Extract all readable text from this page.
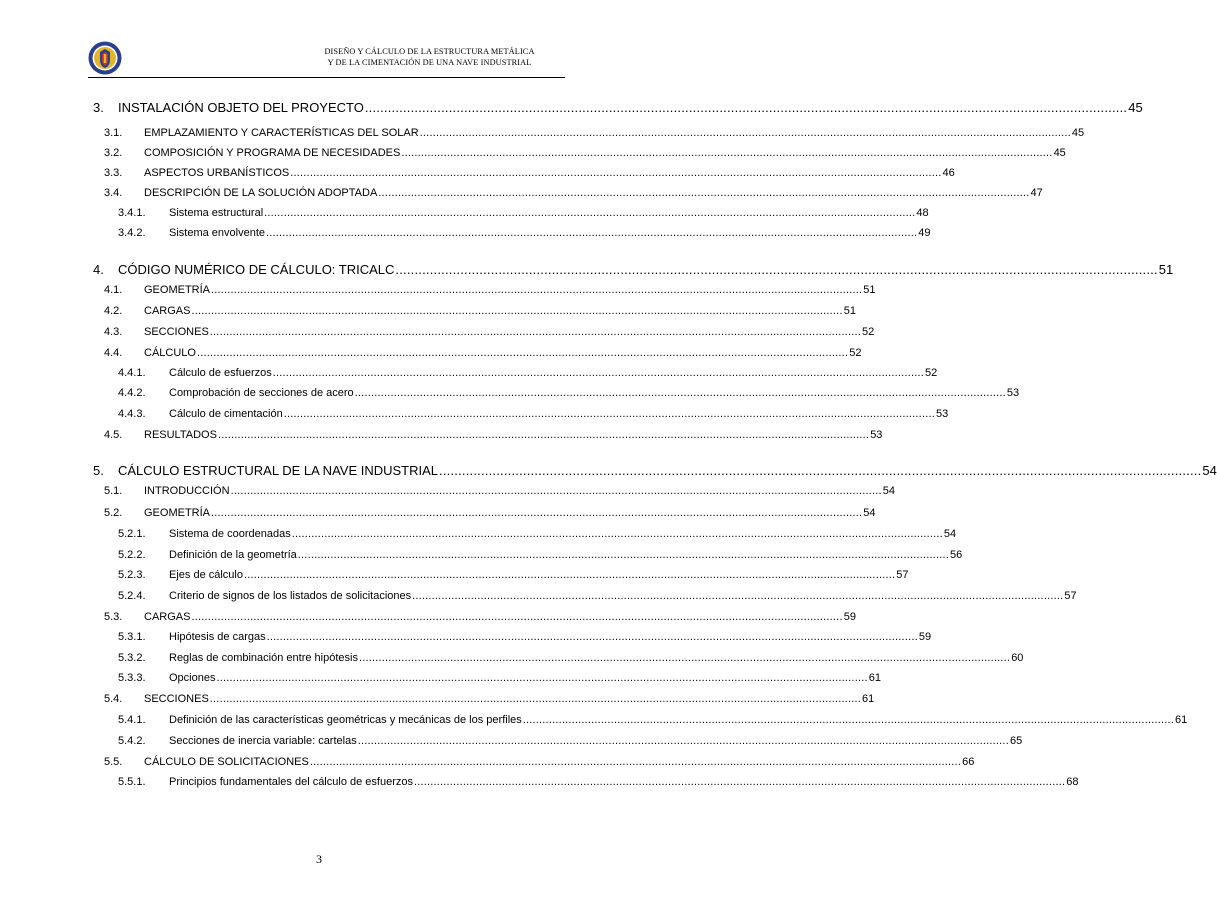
DISEÑO Y CÁLCULO DE LA ESTRUCTURA METÁLICA
Y DE LA CIMENTACIÓN DE UNA NAVE INDUSTRIAL
3.	INSTALACIÓN OBJETO DEL PROYECTO ........................................................................................................................................................................................................ 45
3.1.	EMPLAZAMIENTO Y CARACTERÍSTICAS DEL SOLAR ........................................................................................................................................................................................................ 45
3.2.	COMPOSICIÓN Y PROGRAMA DE NECESIDADES ........................................................................................................................................................................................................ 45
3.3.	ASPECTOS URBANÍSTICOS ........................................................................................................................................................................................................ 46
3.4.	DESCRIPCIÓN DE LA SOLUCIÓN ADOPTADA ........................................................................................................................................................................................................ 47
3.4.1.	Sistema estructural ........................................................................................................................................................................................................ 48
3.4.2.	Sistema envolvente ........................................................................................................................................................................................................ 49
4.	CÓDIGO NUMÉRICO DE CÁLCULO: TRICALC ........................................................................................................................................................................................................ 51
4.1.	GEOMETRÍA ........................................................................................................................................................................................................ 51
4.2.	CARGAS ........................................................................................................................................................................................................ 51
4.3.	SECCIONES ........................................................................................................................................................................................................ 52
4.4.	CÁLCULO ........................................................................................................................................................................................................ 52
4.4.1.	Cálculo de esfuerzos ........................................................................................................................................................................................................ 52
4.4.2.	Comprobación de secciones de acero ........................................................................................................................................................................................................ 53
4.4.3.	Cálculo de cimentación ........................................................................................................................................................................................................ 53
4.5.	RESULTADOS ........................................................................................................................................................................................................ 53
5.	CÁLCULO ESTRUCTURAL DE LA NAVE INDUSTRIAL ........................................................................................................................................................................................................ 54
5.1.	INTRODUCCIÓN ........................................................................................................................................................................................................ 54
5.2.	GEOMETRÍA ........................................................................................................................................................................................................ 54
5.2.1.	Sistema de coordenadas ........................................................................................................................................................................................................ 54
5.2.2.	Definición de la geometría ........................................................................................................................................................................................................ 56
5.2.3.	Ejes de cálculo ........................................................................................................................................................................................................ 57
5.2.4.	Criterio de signos de los listados de solicitaciones ........................................................................................................................................................................................................ 57
5.3.	CARGAS ........................................................................................................................................................................................................ 59
5.3.1.	Hipótesis de cargas ........................................................................................................................................................................................................ 59
5.3.2.	Reglas de combinación entre hipótesis ........................................................................................................................................................................................................ 60
5.3.3.	Opciones ........................................................................................................................................................................................................ 61
5.4.	SECCIONES ........................................................................................................................................................................................................ 61
5.4.1.	Definición de las características geométricas y mecánicas de los perfiles ........................................................................................................................................................................................................ 61
5.4.2.	Secciones de inercia variable: cartelas ........................................................................................................................................................................................................ 65
5.5.	CÁLCULO DE SOLICITACIONES ........................................................................................................................................................................................................ 66
5.5.1.	Principios fundamentales del cálculo de esfuerzos ........................................................................................................................................................................................................ 68
3
